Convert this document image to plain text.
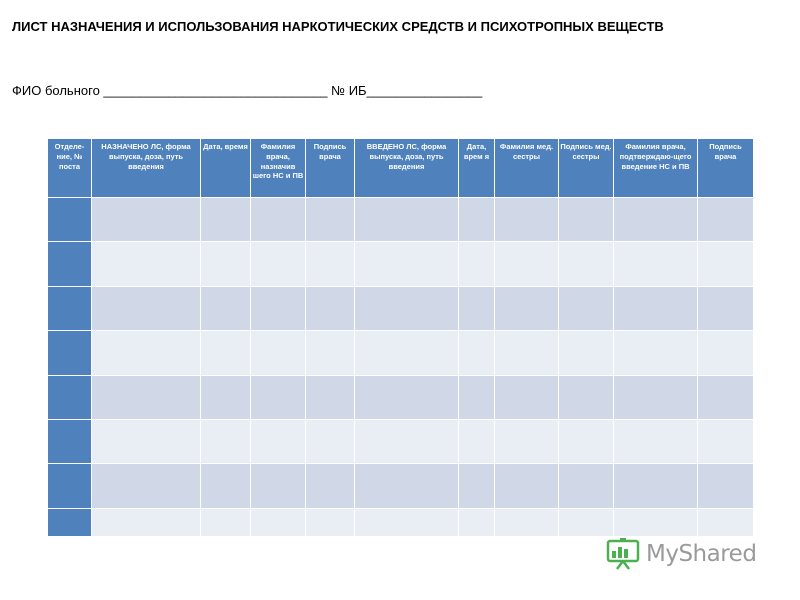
ЛИСТ НАЗНАЧЕНИЯ И ИСПОЛЬЗОВАНИЯ НАРКОТИЧЕСКИХ СРЕДСТВ И ПСИХОТРОПНЫХ ВЕЩЕСТВ
ФИО больного _______________________________ № ИБ________________
Отделе-ние, № поста	НАЗНАЧЕНО ЛС, форма выпуска, доза, путь введения	Дата, время	Фамилия врача, назначив шего НС и ПВ	Подпись врача	ВВЕДЕНО ЛС, форма выпуска, доза, путь введения	Дата, врем я	Фамилия мед. сестры	Подпись мед. сестры	Фамилия врача, подтверждаю-щего введение НС и ПВ	Подпись врача

MyShared
